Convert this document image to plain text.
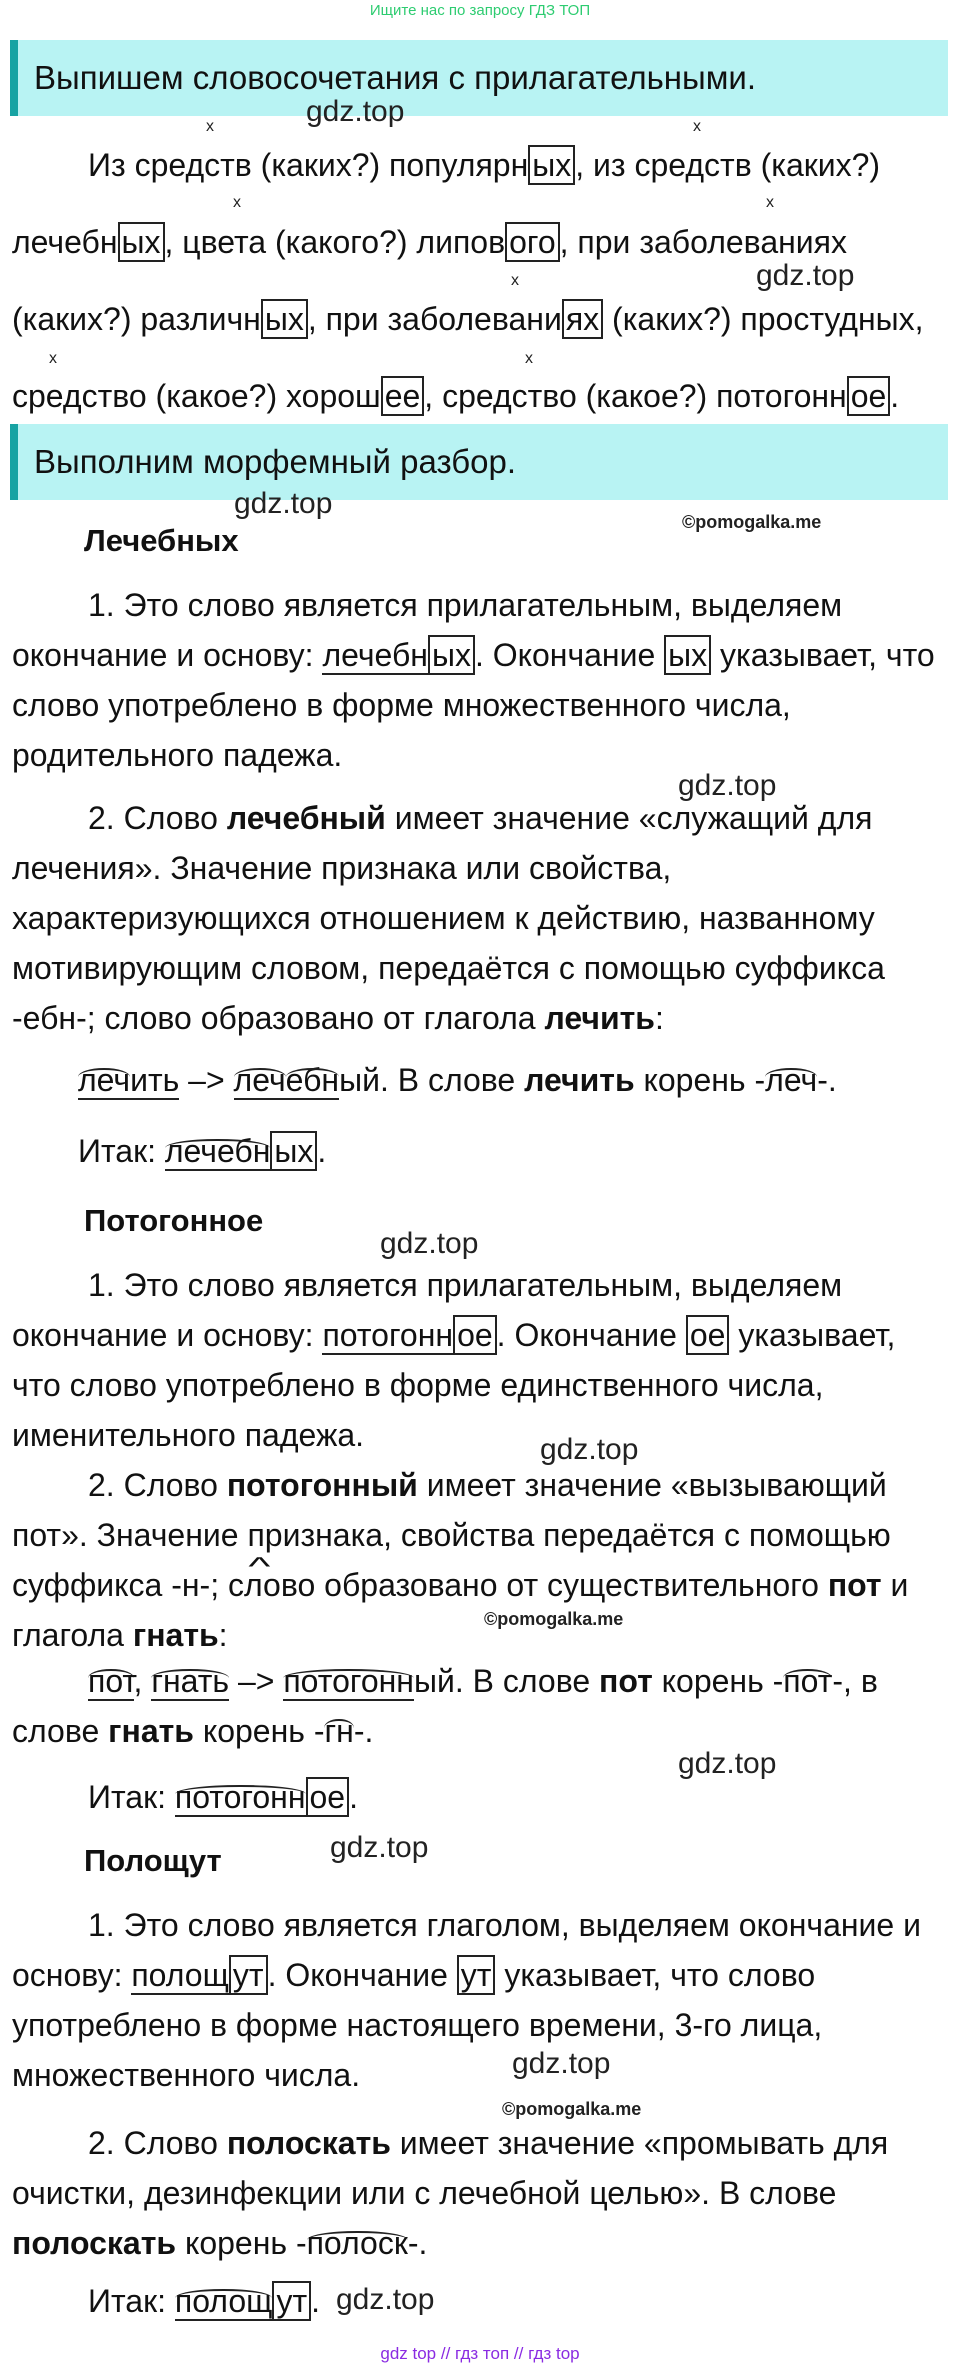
Ищите нас по запросу ГДЗ ТОП
Выпишем словосочетания с прилагательными.
gdz.top
x	x
x	x
x
x	x
Из средств (каких?) популярн ых , из средств (каких?)
лечебн ых , цвета (какого?) липов ого , при заболеваниях
gdz.top
(каких?) различн ых , при заболевани ях (каких?) простудных,
средство (какое?) хорош ее , средство (какое?) потогонн ое .
Выполним морфемный разбор.
gdz.top
©pomogalka.me
Лечебных

1. Это слово является прилагательным, выделяем окончание и основу: лечебн ых . Окончание ых указывает, что слово употреблено в форме множественного числа, родительного падежа.

gdz.top

2. Слово лечебный имеет значение «служащий для лечения». Значение признака или свойства, характеризующихся отношением к действию, названному мотивирующим словом, передаётся с помощью суффикса -ебн-; слово образовано от глагола лечить:

лечить –> лечебный. В слове лечить корень -леч-.
Итак: лечебн ых .
Потогонное
gdz.top

1. Это слово является прилагательным, выделяем окончание и основу: потогонн ое . Окончание ое указывает, что слово употреблено в форме единственного числа, именительного падежа.	gdz.top

2. Слово потогонный имеет значение «вызывающий пот». Значение признака, свойства передаётся с помощью суффикса -^ н-; слово образовано от существительного пот и глагола гнать:	©pomogalka.me

пот, гнать –> потогонный. В слове пот корень -пот-, в слове гнать корень -гн-.

gdz.top
Итак: потогонн ое .
gdz.top
Полощут

1. Это слово является глаголом, выделяем окончание и основу: полощ ут . Окончание ут указывает, что слово употреблено в форме настоящего времени, 3-го лица, множественного числа.	gdz.top
©pomogalka.me

2. Слово полоскать имеет значение «промывать для очистки, дезинфекции или с лечебной целью». В слове полоскать корень -полоск-.

Итак: полощ ут . gdz.top
gdz top // гдз топ // гдз top
